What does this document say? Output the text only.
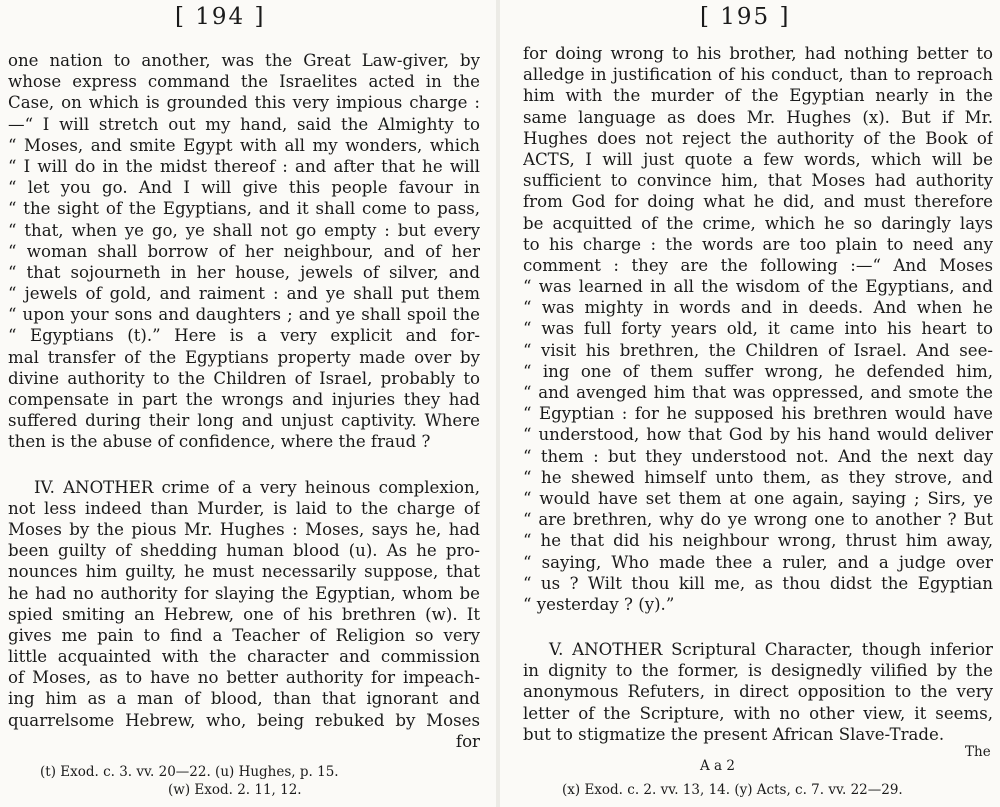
[ 194 ]
one nation to another, was the Great Law-giver, by
whose express command the Israelites acted in the
Case, on which is grounded this very impious charge :
—“ I will stretch out my hand, said the Almighty to
“ Moses, and smite Egypt with all my wonders, which
“ I will do in the midst thereof : and after that he will
“ let you go. And I will give this people favour in
“ the sight of the Egyptians, and it shall come to pass,
“ that, when ye go, ye shall not go empty : but every
“ woman shall borrow of her neighbour, and of her
“ that sojourneth in her house, jewels of silver, and
“ jewels of gold, and raiment : and ye shall put them
“ upon your sons and daughters ; and ye shall spoil the
“ Egyptians (t).” Here is a very explicit and for-
mal transfer of the Egyptians property made over by
divine authority to the Children of Israel, probably to
compensate in part the wrongs and injuries they had
suffered during their long and unjust captivity. Where
then is the abuse of confidence, where the fraud ?
IV. ANOTHER crime of a very heinous complexion,
not less indeed than Murder, is laid to the charge of
Moses by the pious Mr. Hughes : Moses, says he, had
been guilty of shedding human blood (u). As he pro-
nounces him guilty, he must necessarily suppose, that
he had no authority for slaying the Egyptian, whom be
spied smiting an Hebrew, one of his brethren (w). It
gives me pain to find a Teacher of Religion so very
little acquainted with the character and commission
of Moses, as to have no better authority for impeach-
ing him as a man of blood, than that ignorant and
quarrelsome Hebrew, who, being rebuked by Moses
for
(t) Exod. c. 3. vv. 20—22. (u) Hughes, p. 15.
(w) Exod. 2. 11, 12.
[ 195 ]
for doing wrong to his brother, had nothing better to
alledge in justification of his conduct, than to reproach
him with the murder of the Egyptian nearly in the
same language as does Mr. Hughes (x). But if Mr.
Hughes does not reject the authority of the Book of
ACTS, I will just quote a few words, which will be
sufficient to convince him, that Moses had authority
from God for doing what he did, and must therefore
be acquitted of the crime, which he so daringly lays
to his charge : the words are too plain to need any
comment : they are the following :—“ And Moses
“ was learned in all the wisdom of the Egyptians, and
“ was mighty in words and in deeds. And when he
“ was full forty years old, it came into his heart to
“ visit his brethren, the Children of Israel. And see-
“ ing one of them suffer wrong, he defended him,
“ and avenged him that was oppressed, and smote the
“ Egyptian : for he supposed his brethren would have
“ understood, how that God by his hand would deliver
“ them : but they understood not. And the next day
“ he shewed himself unto them, as they strove, and
“ would have set them at one again, saying ; Sirs, ye
“ are brethren, why do ye wrong one to another ? But
“ he that did his neighbour wrong, thrust him away,
“ saying, Who made thee a ruler, and a judge over
“ us ? Wilt thou kill me, as thou didst the Egyptian
“ yesterday ? (y).”
V. ANOTHER Scriptural Character, though inferior
in dignity to the former, is designedly vilified by the
anonymous Refuters, in direct opposition to the very
letter of the Scripture, with no other view, it seems,
but to stigmatize the present African Slave-Trade.
The
A a 2
(x) Exod. c. 2. vv. 13, 14. (y) Acts, c. 7. vv. 22—29.
